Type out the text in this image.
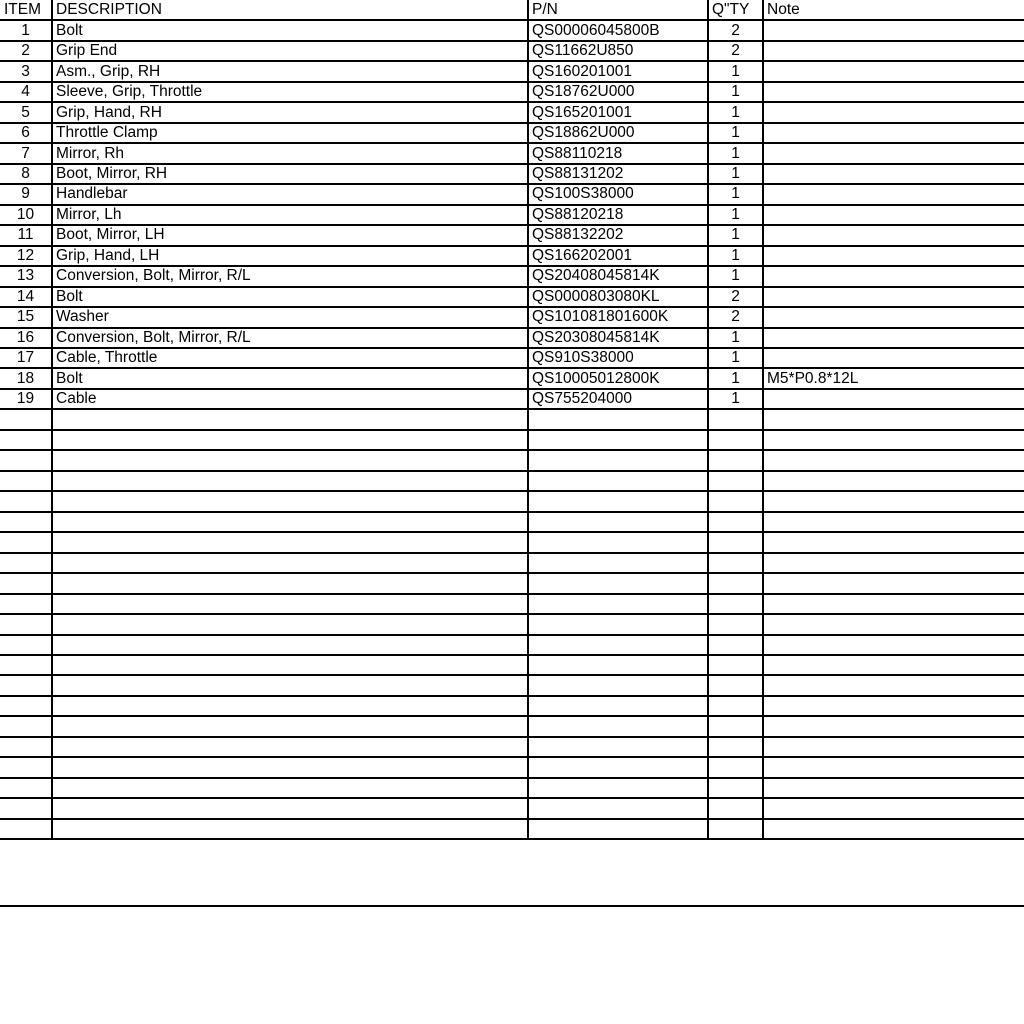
ITEM	DESCRIPTION	P/N	Q"TY	Note
1	Bolt	QS00006045800B	2	
2	Grip End	QS11662U850	2	
3	Asm., Grip, RH	QS160201001	1	
4	Sleeve, Grip, Throttle	QS18762U000	1	
5	Grip, Hand, RH	QS165201001	1	
6	Throttle Clamp	QS18862U000	1	
7	Mirror, Rh	QS88110218	1	
8	Boot, Mirror, RH	QS88131202	1	
9	Handlebar	QS100S38000	1	
10	Mirror, Lh	QS88120218	1	
11	Boot, Mirror, LH	QS88132202	1	
12	Grip, Hand, LH	QS166202001	1	
13	Conversion, Bolt, Mirror, R/L	QS20408045814K	1	
14	Bolt	QS0000803080KL	2	
15	Washer	QS101081801600K	2	
16	Conversion, Bolt, Mirror, R/L	QS20308045814K	1	
17	Cable, Throttle	QS910S38000	1	
18	Bolt	QS10005012800K	1	M5*P0.8*12L
19	Cable	QS755204000	1	
